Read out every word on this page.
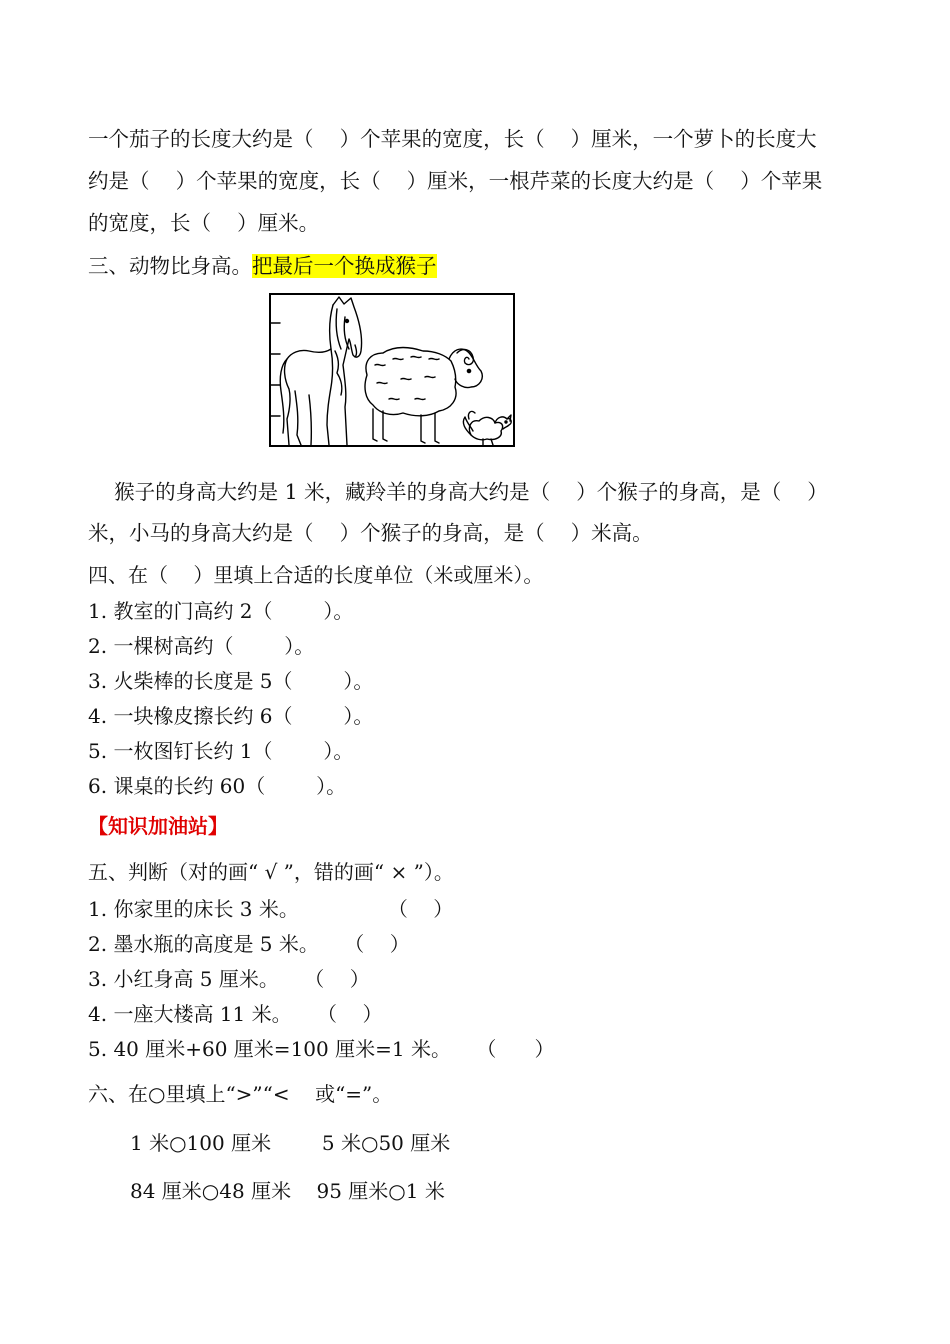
一个茄子的长度大约是（    ）个苹果的宽度，长（    ）厘米，一个萝卜的长度大
约是（    ）个苹果的宽度，长（    ）厘米，一根芹菜的长度大约是（    ）个苹果
的宽度，长（    ）厘米。
三、动物比身高。把最后一个换成猴子
猴子的身高大约是 1 米，藏羚羊的身高大约是（    ）个猴子的身高，是（    ）
米，小马的身高大约是（    ）个猴子的身高，是（    ）米高。
四、在（    ）里填上合适的长度单位（米或厘米）。
1. 教室的门高约 2（        ）。
2. 一棵树高约（        ）。
3. 火柴棒的长度是 5（        ）。
4. 一块橡皮擦长约 6（        ）。
5. 一枚图钉长约 1（        ）。
6. 课桌的长约 60（        ）。
【知识加油站】
五、判断（对的画“ √ ”，错的画“ × ”）。
1. 你家里的床长 3 米。              （    ）
2. 墨水瓶的高度是 5 米。    （    ）
3. 小红身高 5 厘米。    （    ）
4. 一座大楼高 11 米。    （    ）
5. 40 厘米+60 厘米=100 厘米=1 米。    （      ）
六、在○里填上“>”“<    或“=”。
1 米○100 厘米        5 米○50 厘米
84 厘米○48 厘米    95 厘米○1 米
